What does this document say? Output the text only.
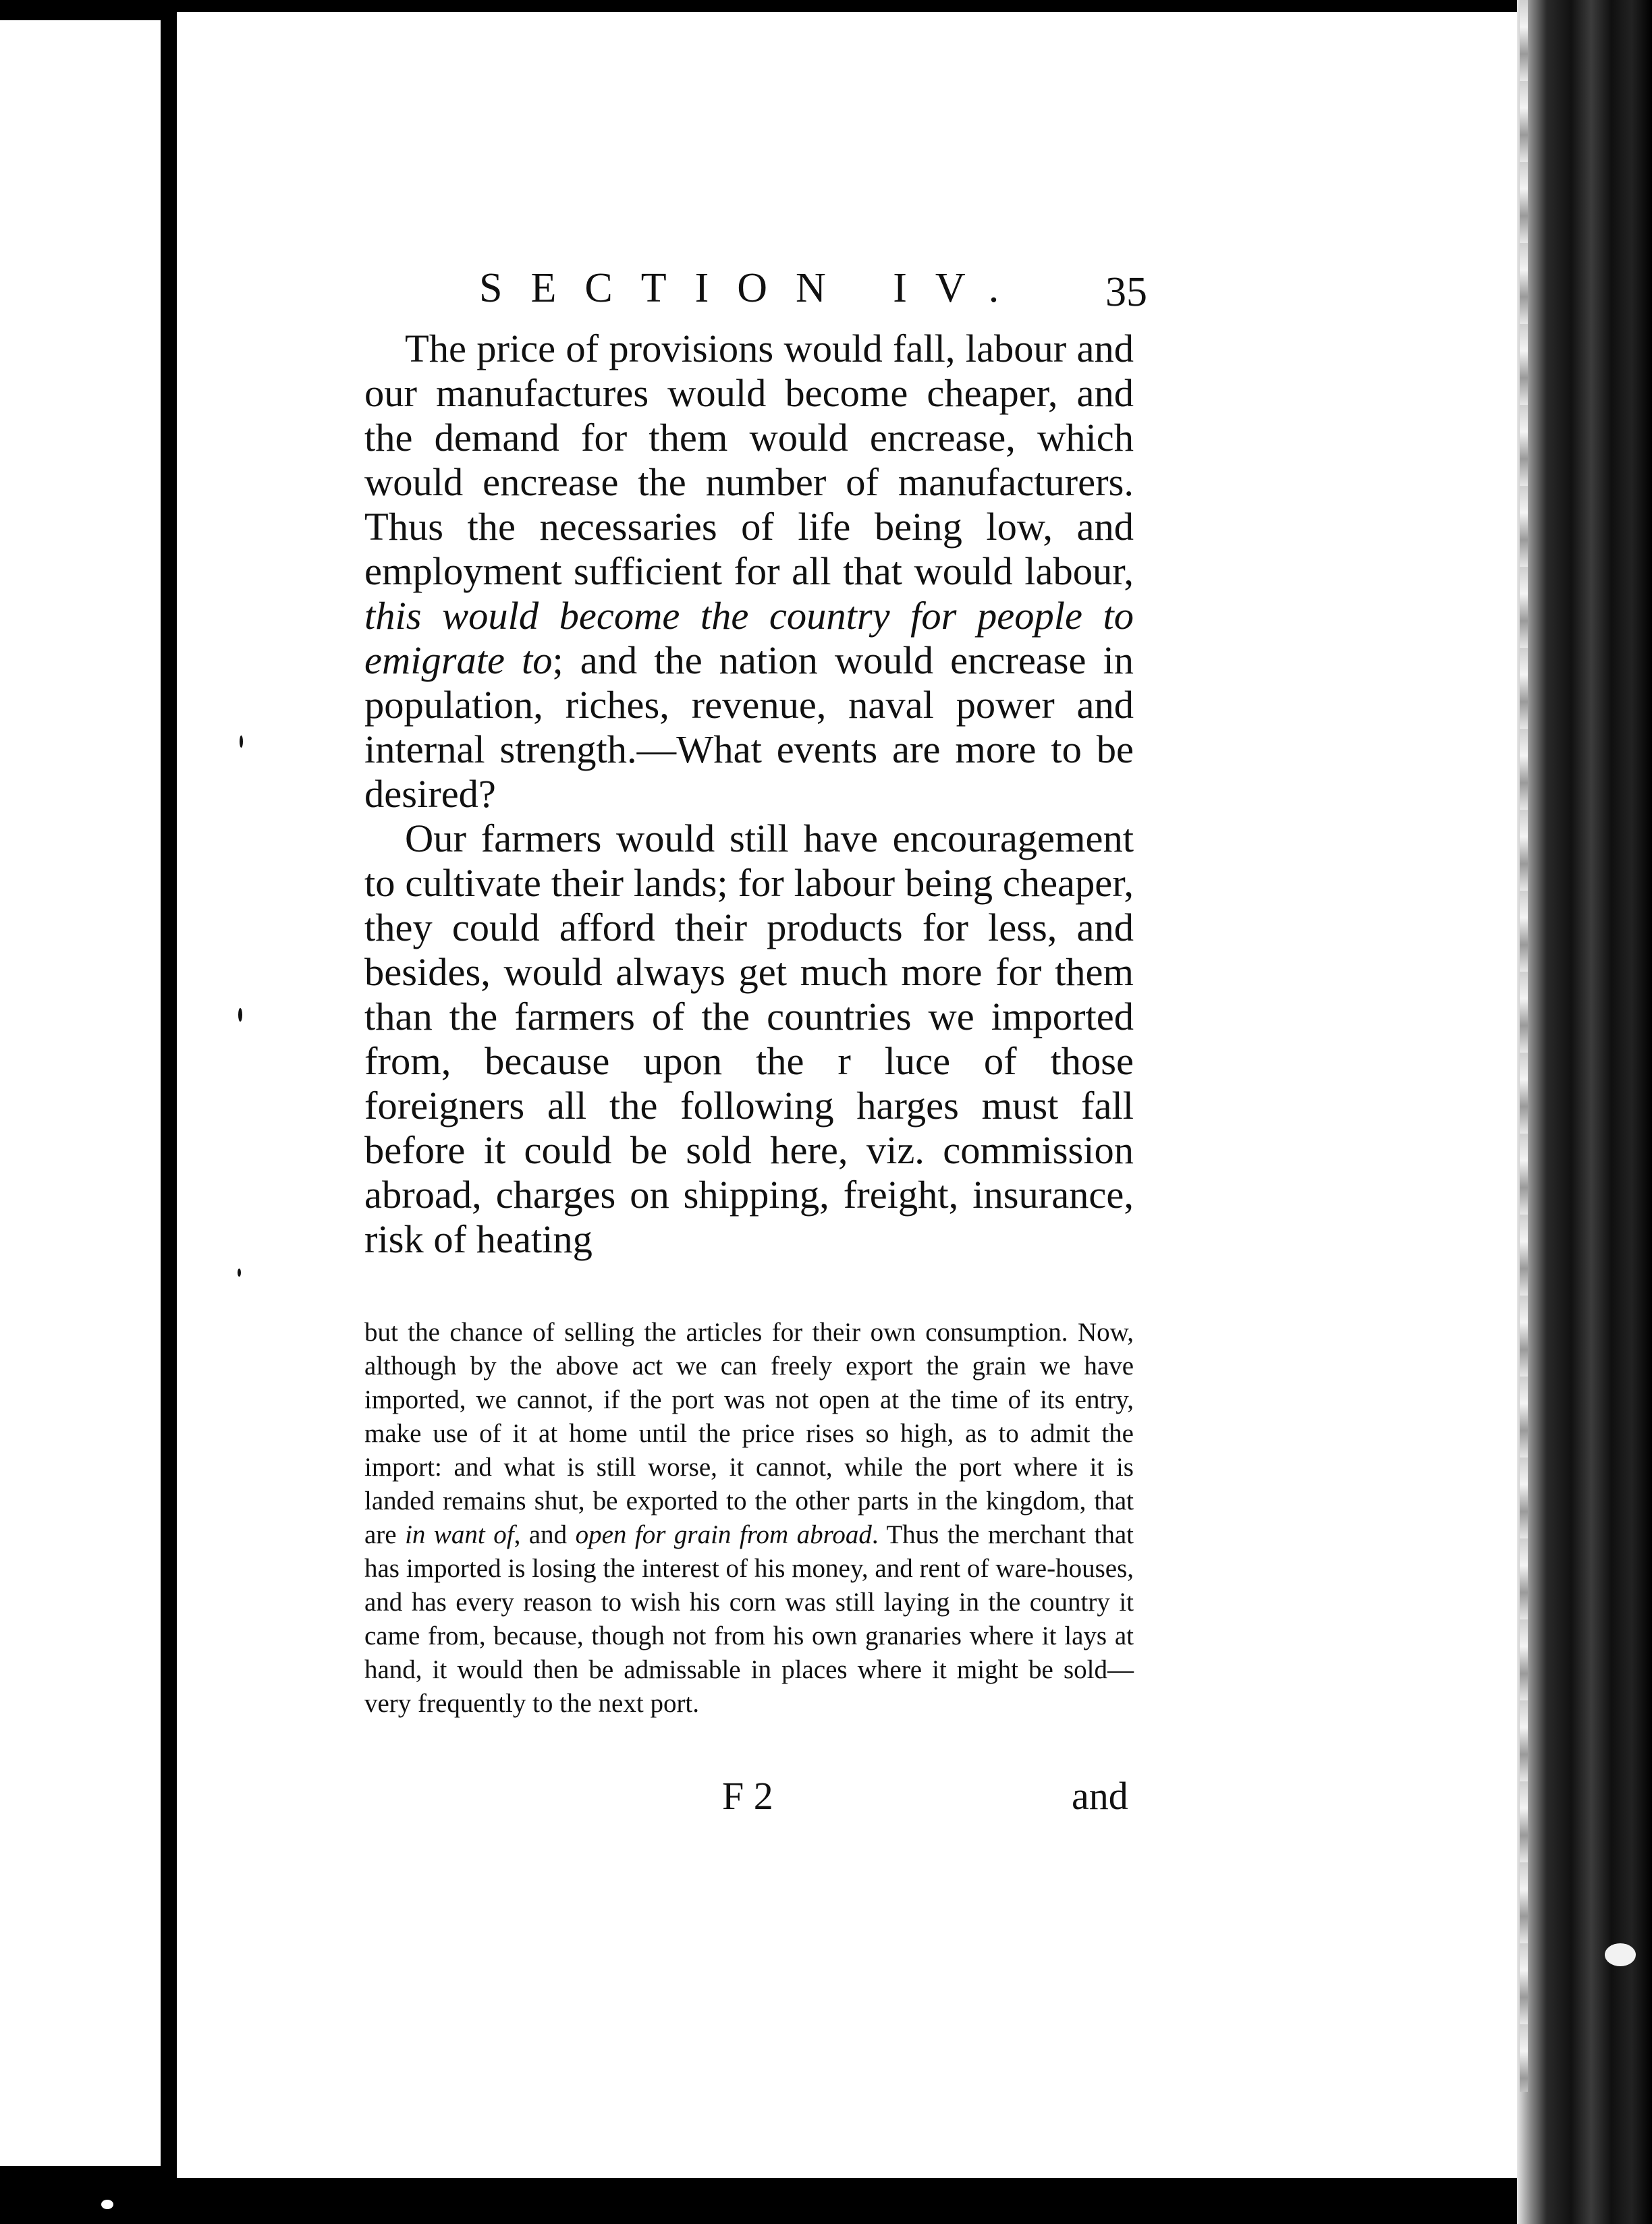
SECTION IV. 35

The price of provisions would fall, labour and our manufactures would become cheaper, and the demand for them would encrease, which would encrease the number of manufacturers. Thus the necessaries of life being low, and employment sufficient for all that would labour, this would become the country for people to emigrate to; and the nation would encrease in population, riches, revenue, naval power and internal strength.—What events are more to be desired?

Our farmers would still have encouragement to cultivate their lands; for labour being cheaper, they could afford their products for less, and besides, would always get much more for them than the farmers of the countries we imported from, because upon the r luce of those foreigners all the following harges must fall before it could be sold here, viz. commission abroad, charges on shipping, freight, insurance, risk of heating

but the chance of selling the articles for their own consumption. Now, although by the above act we can freely export the grain we have imported, we cannot, if the port was not open at the time of its entry, make use of it at home until the price rises so high, as to admit the import: and what is still worse, it cannot, while the port where it is landed remains shut, be exported to the other parts in the kingdom, that are in want of, and open for grain from abroad. Thus the merchant that has imported is losing the interest of his money, and rent of ware-houses, and has every reason to wish his corn was still laying in the country it came from, because, though not from his own granaries where it lays at hand, it would then be admissable in places where it might be sold—very frequently to the next port.

F 2	and
